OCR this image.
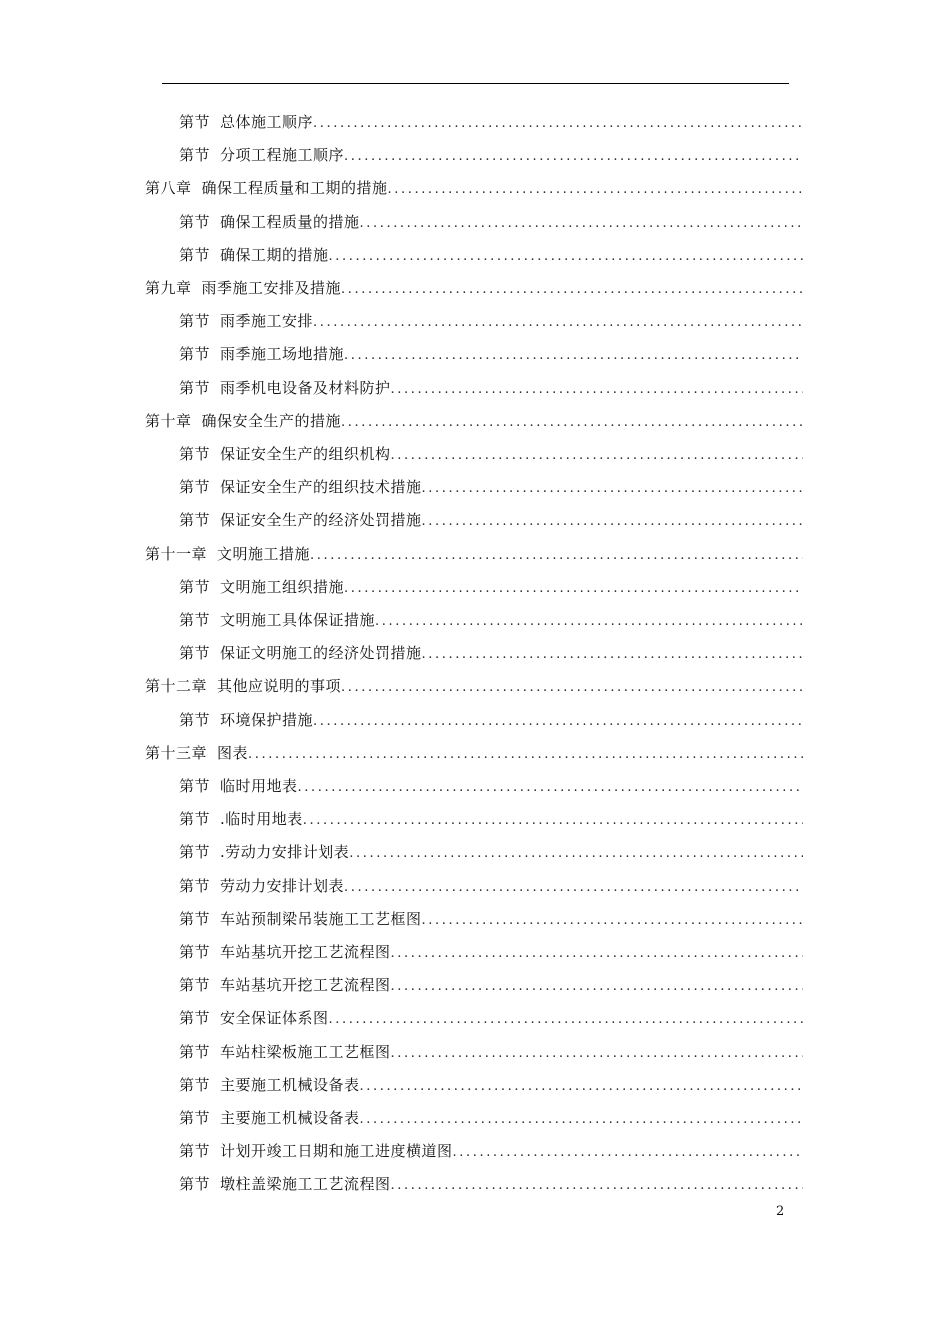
第节 总体施工顺序
.....
第节 分项工程施工顺序
.....
第八章 确保工程质量和工期的措施
.....
第节 确保工程质量的措施
.....
第节 确保工期的措施
.....
第九章 雨季施工安排及措施
.....
第节 雨季施工安排
.....
第节 雨季施工场地措施
.....
第节 雨季机电设备及材料防护
.....
第十章 确保安全生产的措施
.....
第节 保证安全生产的组织机构
.....
第节 保证安全生产的组织技术措施
.....
第节 保证安全生产的经济处罚措施
.....
第十一章 文明施工措施
.....
第节 文明施工组织措施
.....
第节 文明施工具体保证措施
.....
第节 保证文明施工的经济处罚措施
.....
第十二章 其他应说明的事项
.....
第节 环境保护措施
.....
第十三章 图表
.....
第节 临时用地表
.....
第节 .临时用地表
.....
第节 .劳动力安排计划表
.....
第节 劳动力安排计划表
.....
第节 车站预制梁吊装施工工艺框图
.....
第节 车站基坑开挖工艺流程图
.....
第节 车站基坑开挖工艺流程图
.....
第节 安全保证体系图
.....
第节 车站柱梁板施工工艺框图
.....
第节 主要施工机械设备表
.....
第节 主要施工机械设备表
.....
第节 计划开竣工日期和施工进度横道图
.....
第节 墩柱盖梁施工工艺流程图
.....
2
